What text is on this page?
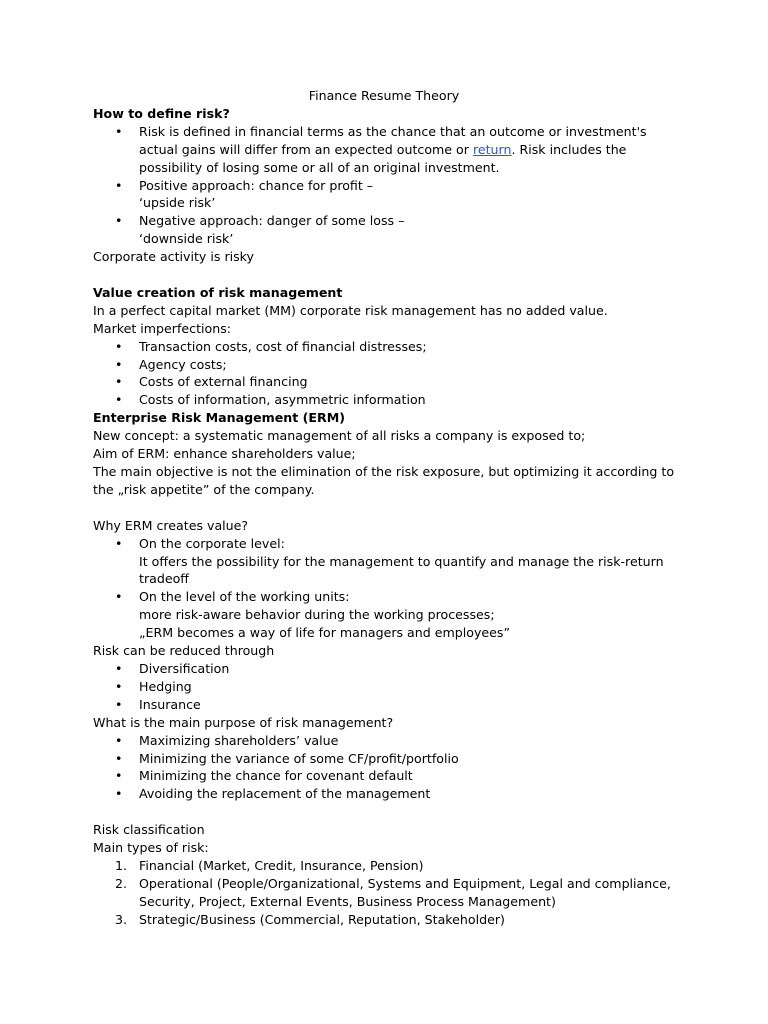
Finance Resume Theory
How to define risk?
• Risk is defined in financial terms as the chance that an outcome or investment's
actual gains will differ from an expected outcome or return. Risk includes the
possibility of losing some or all of an original investment.
• Positive approach: chance for profit –
‘upside risk’
• Negative approach: danger of some loss –
‘downside risk’
Corporate activity is risky
Value creation of risk management
In a perfect capital market (MM) corporate risk management has no added value.
Market imperfections:
• Transaction costs, cost of financial distresses;
• Agency costs;
• Costs of external financing
• Costs of information, asymmetric information
Enterprise Risk Management (ERM)
New concept: a systematic management of all risks a company is exposed to;
Aim of ERM: enhance shareholders value;
The main objective is not the elimination of the risk exposure, but optimizing it according to
the „risk appetite” of the company.
Why ERM creates value?
• On the corporate level:
It offers the possibility for the management to quantify and manage the risk-return
tradeoff
• On the level of the working units:
more risk-aware behavior during the working processes;
„ERM becomes a way of life for managers and employees”
Risk can be reduced through
• Diversification
• Hedging
• Insurance
What is the main purpose of risk management?
• Maximizing shareholders’ value
• Minimizing the variance of some CF/profit/portfolio
• Minimizing the chance for covenant default
• Avoiding the replacement of the management
Risk classification
Main types of risk:
1. Financial (Market, Credit, Insurance, Pension)
2. Operational (People/Organizational, Systems and Equipment, Legal and compliance,
Security, Project, External Events, Business Process Management)
3. Strategic/Business (Commercial, Reputation, Stakeholder)
